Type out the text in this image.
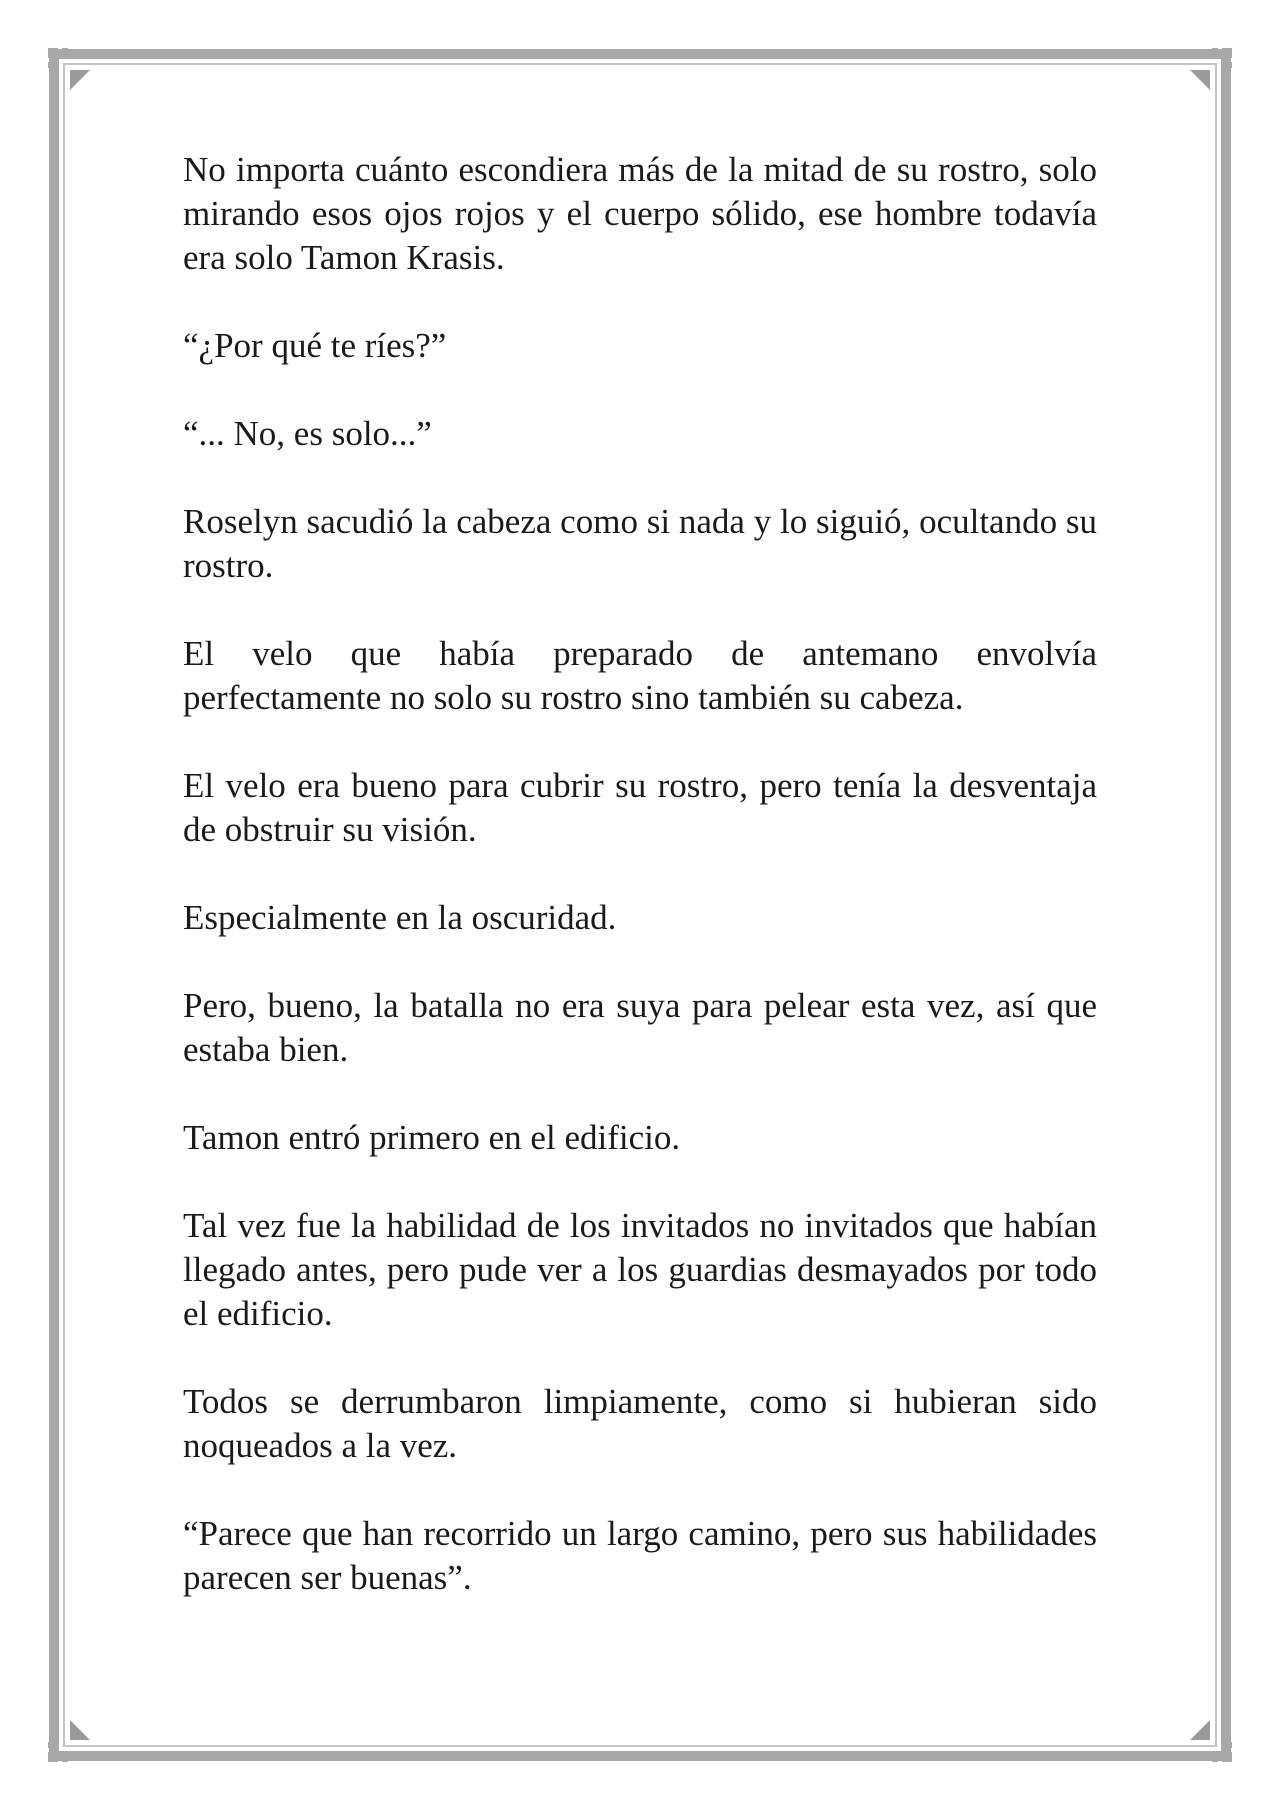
No importa cuánto escondiera más de la mitad de su rostro, solo mirando esos ojos rojos y el cuerpo sólido, ese hombre todavía era solo Tamon Krasis.

“¿Por qué te ríes?”

“... No, es solo...”

Roselyn sacudió la cabeza como si nada y lo siguió, ocultando su rostro.

El velo que había preparado de antemano envolvía perfectamente no solo su rostro sino también su cabeza.

El velo era bueno para cubrir su rostro, pero tenía la desventaja de obstruir su visión.

Especialmente en la oscuridad.

Pero, bueno, la batalla no era suya para pelear esta vez, así que estaba bien.

Tamon entró primero en el edificio.

Tal vez fue la habilidad de los invitados no invitados que habían llegado antes, pero pude ver a los guardias desmayados por todo el edificio.

Todos se derrumbaron limpiamente, como si hubieran sido noqueados a la vez.

“Parece que han recorrido un largo camino, pero sus habilidades parecen ser buenas”.
